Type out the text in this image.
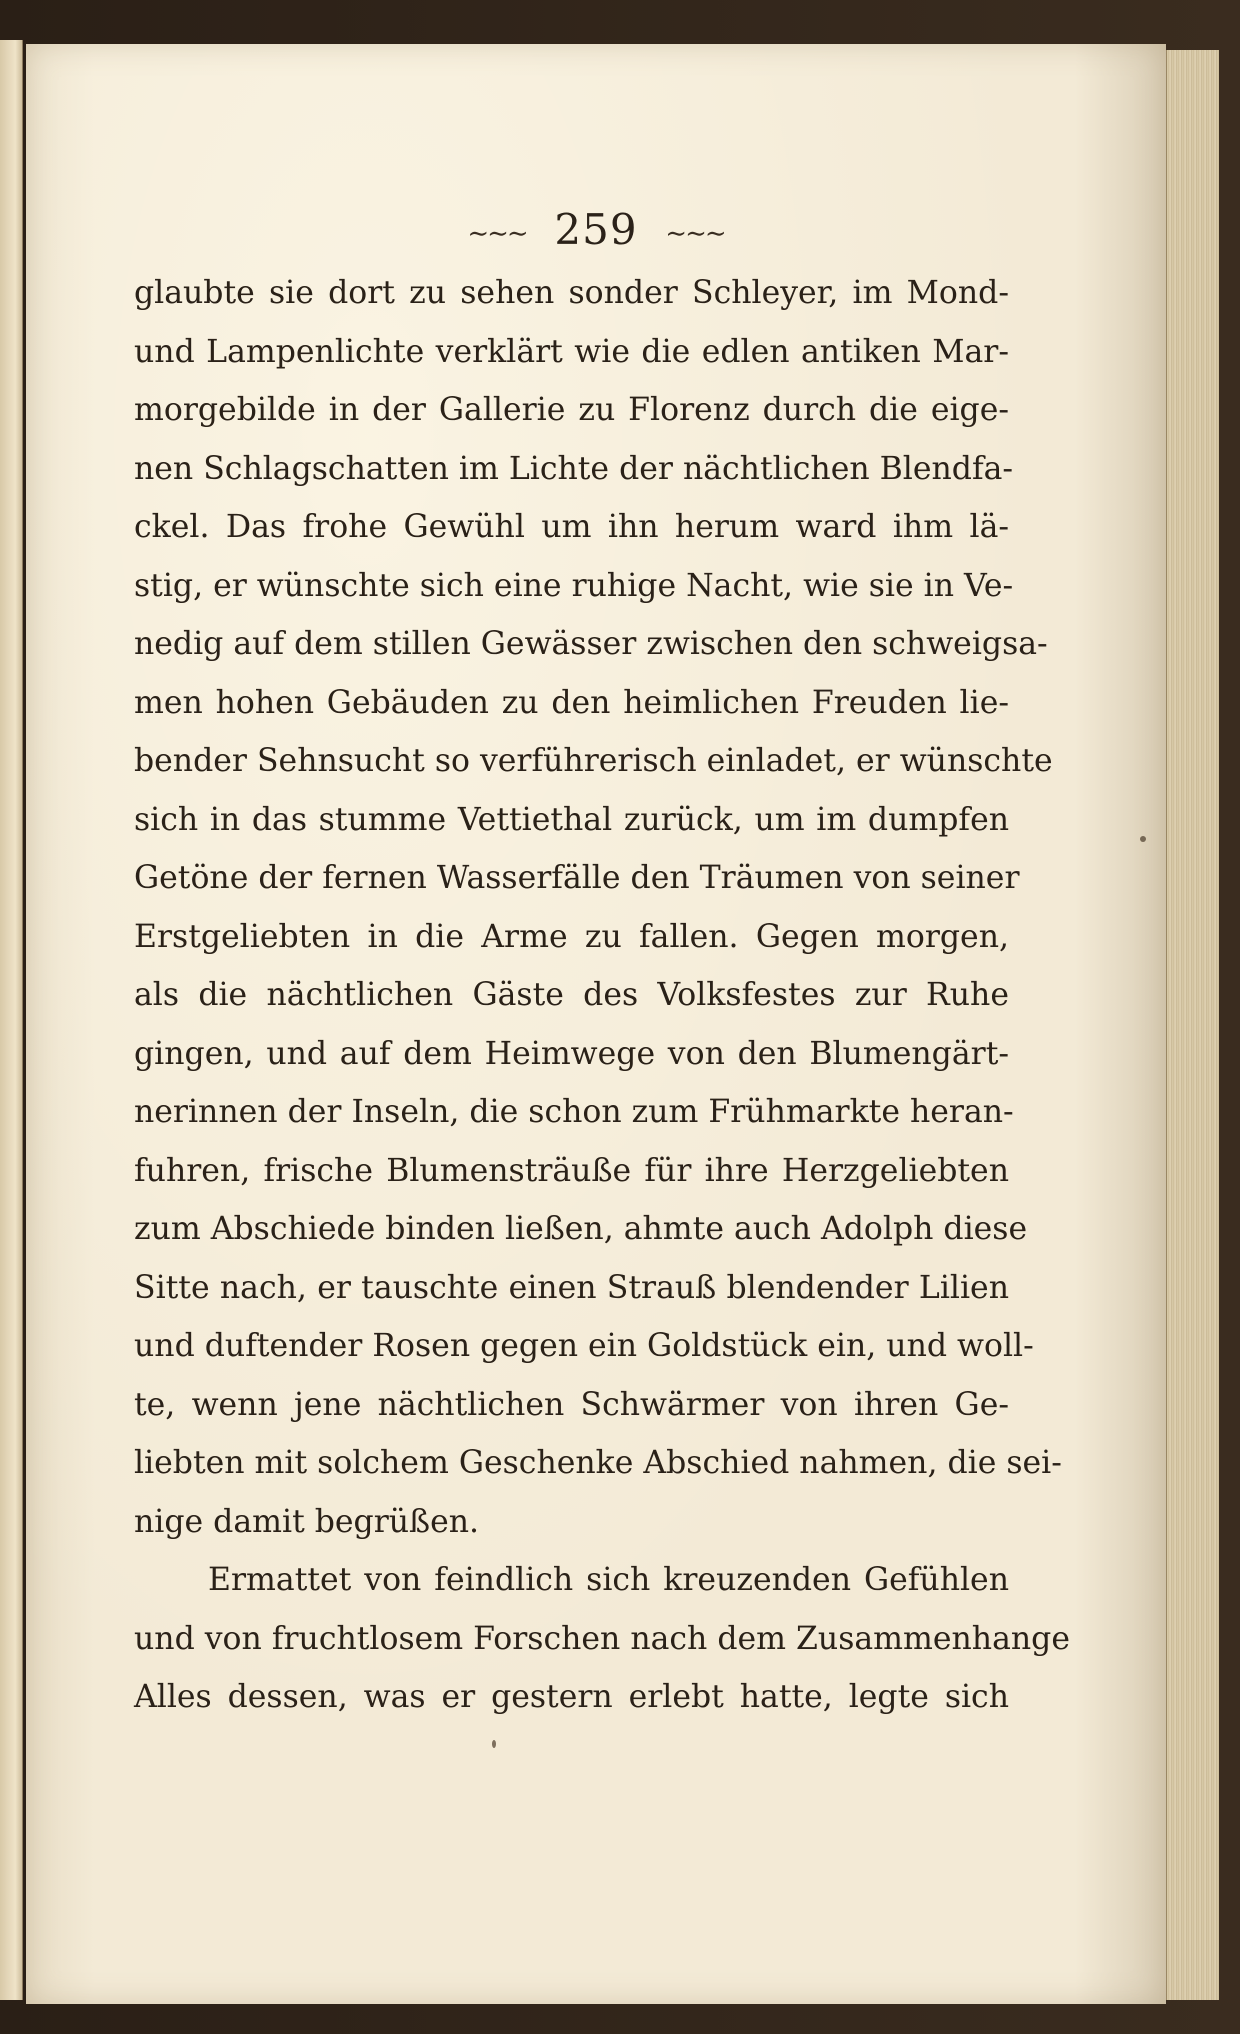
∼∼∼ 259 ∼∼∼
glaubte sie dort zu sehen sonder Schleyer, im Mond-
und Lampenlichte verklärt wie die edlen antiken Mar-
morgebilde in der Gallerie zu Florenz durch die eige-
nen Schlagschatten im Lichte der nächtlichen Blendfa-
ckel. Das frohe Gewühl um ihn herum ward ihm lä-
stig, er wünschte sich eine ruhige Nacht, wie sie in Ve-
nedig auf dem stillen Gewässer zwischen den schweigsa-
men hohen Gebäuden zu den heimlichen Freuden lie-
bender Sehnsucht so verführerisch einladet, er wünschte
sich in das stumme Vettiethal zurück, um im dumpfen
Getöne der fernen Wasserfälle den Träumen von seiner
Erstgeliebten in die Arme zu fallen. Gegen morgen,
als die nächtlichen Gäste des Volksfestes zur Ruhe
gingen, und auf dem Heimwege von den Blumengärt-
nerinnen der Inseln, die schon zum Frühmarkte heran-
fuhren, frische Blumensträuße für ihre Herzgeliebten
zum Abschiede binden ließen, ahmte auch Adolph diese
Sitte nach, er tauschte einen Strauß blendender Lilien
und duftender Rosen gegen ein Goldstück ein, und woll-
te, wenn jene nächtlichen Schwärmer von ihren Ge-
liebten mit solchem Geschenke Abschied nahmen, die sei-
nige damit begrüßen.
Ermattet von feindlich sich kreuzenden Gefühlen
und von fruchtlosem Forschen nach dem Zusammenhange
Alles dessen, was er gestern erlebt hatte, legte sich
